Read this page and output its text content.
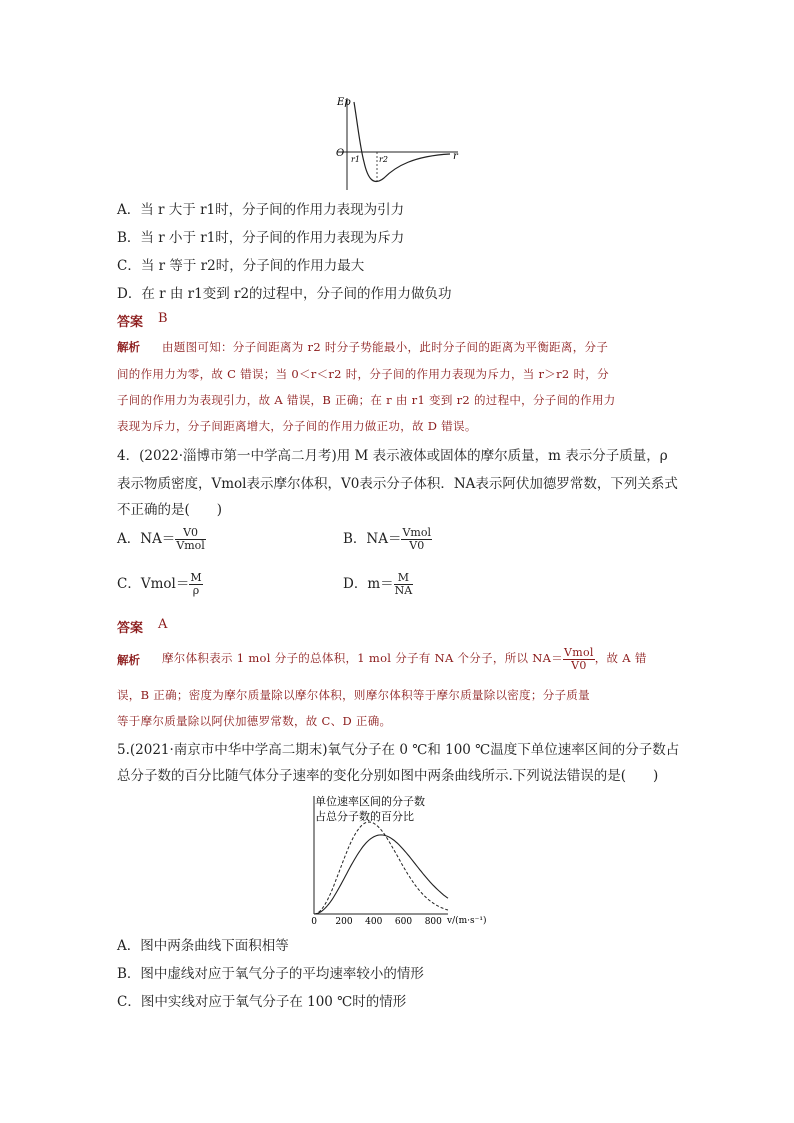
Ep
r
O
r1 r2
A．当 r 大于 r1时，分子间的作用力表现为引力
B．当 r 小于 r1时，分子间的作用力表现为斥力
C．当 r 等于 r2时，分子间的作用力最大
D．在 r 由 r1变到 r2的过程中，分子间的作用力做负功
答案 B
解析 由题图可知：分子间距离为 r2 时分子势能最小，此时分子间的距离为平衡距离，分子
间的作用力为零，故 C 错误；当 0＜r＜r2 时，分子间的作用力表现为斥力，当 r＞r2 时，分
子间的作用力为表现引力，故 A 错误，B 正确；在 r 由 r1 变到 r2 的过程中，分子间的作用力
表现为斥力，分子间距离增大，分子间的作用力做正功，故 D 错误。
4．(2022·淄博市第一中学高二月考)用 M 表示液体或固体的摩尔质量，m 表示分子质量，ρ
表示物质密度，Vmol表示摩尔体积，V0表示分子体积．NA表示阿伏加德罗常数，下列关系式
不正确的是(　　)
A．$NA= \frac{V0}{\text{Vmol}}$	B．$NA= \frac{\text{Vmol}}{V0}$
C．Vmol＝ $\frac{M}{\rho}$	D．$m= \frac{M}{NA}$
答案 A
解析 摩尔体积表示 1 mol 分子的总体积，1 mol 分子有 NA 个分子，所以 $NA= \frac{\text{Vmol}}{V0}$ ，故 A 错
误，B 正确；密度为摩尔质量除以摩尔体积，则摩尔体积等于摩尔质量除以密度；分子质量
等于摩尔质量除以阿伏加德罗常数，故 C、D 正确。
5.(2021·南京市中华中学高二期末)氧气分子在 0 ℃和 100 ℃温度下单位速率区间的分子数占
总分子数的百分比随气体分子速率的变化分别如图中两条曲线所示.下列说法错误的是(　　)
单位速率区间的分子数
占总分子数的百分比
0 200 400 600 800 v/(m·s⁻¹)
A．图中两条曲线下面积相等
B．图中虚线对应于氧气分子的平均速率较小的情形
C．图中实线对应于氧气分子在 100 ℃时的情形
